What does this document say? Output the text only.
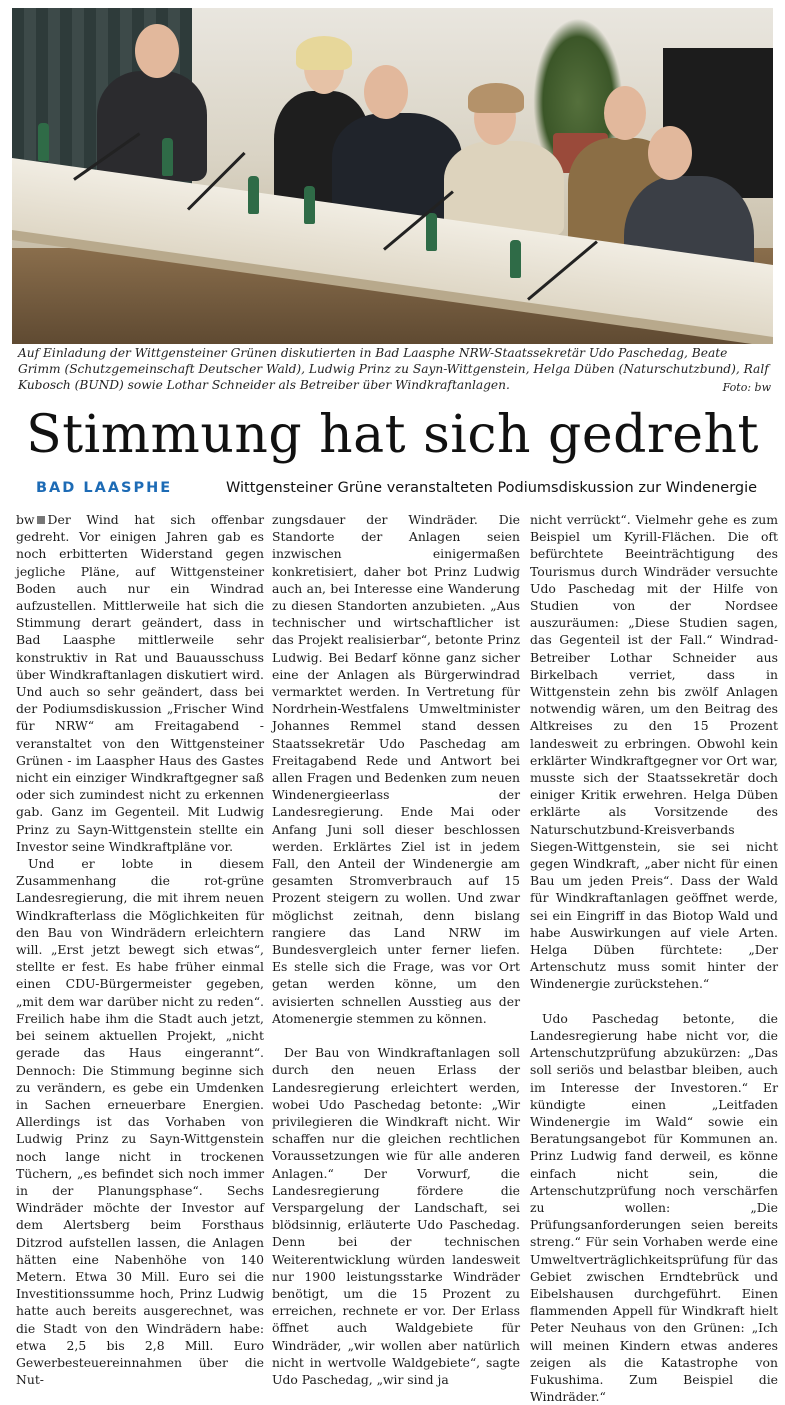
Auf Einladung der Wittgensteiner Grünen diskutierten in Bad Laasphe NRW-Staatssekretär Udo Paschedag, Beate Grimm (Schutzgemeinschaft Deutscher Wald), Ludwig Prinz zu Sayn-Wittgenstein, Helga Düben (Naturschutzbund), Ralf Kubosch (BUND) sowie Lothar Schneider als Betreiber über Windkraftanlagen.	Foto: bw
Stimmung hat sich gedreht
BAD LAASPHE	Wittgensteiner Grüne veranstalteten Podiumsdiskussion zur Windenergie

bw Der Wind hat sich offenbar gedreht. Vor einigen Jahren gab es noch erbitterten Widerstand gegen jegliche Pläne, auf Wittgensteiner Boden auch nur ein Windrad aufzustellen. Mittlerweile hat sich die Stimmung derart geändert, dass in Bad Laasphe mittlerweile sehr konstruktiv in Rat und Bauausschuss über Windkraftanlagen diskutiert wird. Und auch so sehr geändert, dass bei der Podiumsdiskussion „Frischer Wind für NRW“ am Freitagabend - veranstaltet von den Wittgensteiner Grünen - im Laaspher Haus des Gastes nicht ein einziger Windkraftgegner saß oder sich zumindest nicht zu erkennen gab. Ganz im Gegenteil. Mit Ludwig Prinz zu Sayn-Wittgenstein stellte ein Investor seine Windkraftpläne vor.

Und er lobte in diesem Zusammenhang die rot-grüne Landesregierung, die mit ihrem neuen Windkrafterlass die Möglichkeiten für den Bau von Windrädern erleichtern will. „Erst jetzt bewegt sich etwas“, stellte er fest. Es habe früher einmal einen CDU-Bürgermeister gegeben, „mit dem war darüber nicht zu reden“. Freilich habe ihm die Stadt auch jetzt, bei seinem aktuellen Projekt, „nicht gerade das Haus eingerannt“. Dennoch: Die Stimmung beginne sich zu verändern, es gebe ein Umdenken in Sachen erneuerbare Energien. Allerdings ist das Vorhaben von Ludwig Prinz zu Sayn-Wittgenstein noch lange nicht in trockenen Tüchern, „es befindet sich noch immer in der Planungsphase“. Sechs Windräder möchte der Investor auf dem Alertsberg beim Forsthaus Ditzrod aufstellen lassen, die Anlagen hätten eine Nabenhöhe von 140 Metern. Etwa 30 Mill. Euro sei die Investitionssumme hoch, Prinz Ludwig hatte auch bereits ausgerechnet, was die Stadt von den Windrädern habe: etwa 2,5 bis 2,8 Mill. Euro Gewerbesteuereinnahmen über die Nut-

zungsdauer der Windräder. Die Standorte der Anlagen seien inzwischen einigermaßen konkretisiert, daher bot Prinz Ludwig auch an, bei Interesse eine Wanderung zu diesen Standorten anzubieten. „Aus technischer und wirtschaftlicher ist das Projekt realisierbar“, betonte Prinz Ludwig. Bei Bedarf könne ganz sicher eine der Anlagen als Bürgerwindrad vermarktet werden. In Vertretung für Nordrhein-Westfalens Umweltminister Johannes Remmel stand dessen Staatssekretär Udo Paschedag am Freitagabend Rede und Antwort bei allen Fragen und Bedenken zum neuen Windenergieerlass der Landesregierung. Ende Mai oder Anfang Juni soll dieser beschlossen werden. Erklärtes Ziel ist in jedem Fall, den Anteil der Windenergie am gesamten Stromverbrauch auf 15 Prozent steigern zu wollen. Und zwar möglichst zeitnah, denn bislang rangiere das Land NRW im Bundesvergleich unter ferner liefen. Es stelle sich die Frage, was vor Ort getan werden könne, um den avisierten schnellen Ausstieg aus der Atomenergie stemmen zu können.

Der Bau von Windkraftanlagen soll durch den neuen Erlass der Landesregierung erleichtert werden, wobei Udo Paschedag betonte: „Wir privilegieren die Windkraft nicht. Wir schaffen nur die gleichen rechtlichen Voraussetzungen wie für alle anderen Anlagen.“ Der Vorwurf, die Landesregierung fördere die Verspargelung der Landschaft, sei blödsinnig, erläuterte Udo Paschedag. Denn bei der technischen Weiterentwicklung würden landesweit nur 1900 leistungsstarke Windräder benötigt, um die 15 Prozent zu erreichen, rechnete er vor. Der Erlass öffnet auch Waldgebiete für Windräder, „wir wollen aber natürlich nicht in wertvolle Waldgebiete“, sagte Udo Paschedag, „wir sind ja

nicht verrückt“. Vielmehr gehe es zum Beispiel um Kyrill-Flächen. Die oft befürchtete Beeinträchtigung des Tourismus durch Windräder versuchte Udo Paschedag mit der Hilfe von Studien von der Nordsee auszuräumen: „Diese Studien sagen, das Gegenteil ist der Fall.“ Windrad-Betreiber Lothar Schneider aus Birkelbach verriet, dass in Wittgenstein zehn bis zwölf Anlagen notwendig wären, um den Beitrag des Altkreises zu den 15 Prozent landesweit zu erbringen. Obwohl kein erklärter Windkraftgegner vor Ort war, musste sich der Staatssekretär doch einiger Kritik erwehren. Helga Düben erklärte als Vorsitzende des Naturschutzbund-Kreisverbands Siegen-Wittgenstein, sie sei nicht gegen Windkraft, „aber nicht für einen Bau um jeden Preis“. Dass der Wald für Windkraftanlagen geöffnet werde, sei ein Eingriff in das Biotop Wald und habe Auswirkungen auf viele Arten. Helga Düben fürchtete: „Der Artenschutz muss somit hinter der Windenergie zurückstehen.“

Udo Paschedag betonte, die Landesregierung habe nicht vor, die Artenschutzprüfung abzukürzen: „Das soll seriös und belastbar bleiben, auch im Interesse der Investoren.“ Er kündigte einen „Leitfaden Windenergie im Wald“ sowie ein Beratungsangebot für Kommunen an. Prinz Ludwig fand derweil, es könne einfach nicht sein, die Artenschutzprüfung noch verschärfen zu wollen: „Die Prüfungsanforderungen seien bereits streng.“ Für sein Vorhaben werde eine Umweltverträglichkeitsprüfung für das Gebiet zwischen Erndtebrück und Eibelshausen durchgeführt. Einen flammenden Appell für Windkraft hielt Peter Neuhaus von den Grünen: „Ich will meinen Kindern etwas anderes zeigen als die Katastrophe von Fukushima. Zum Beispiel die Windräder.“
